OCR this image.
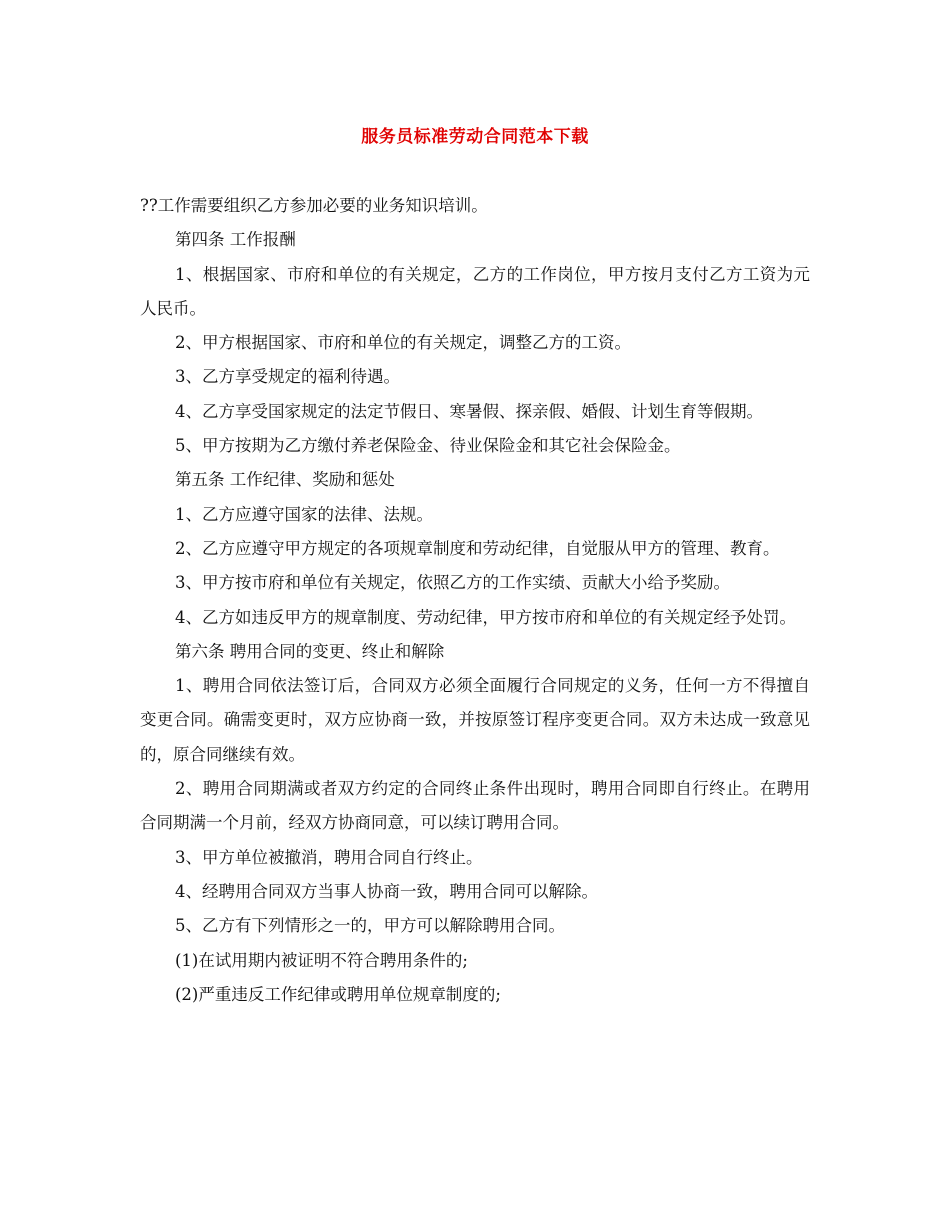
服务员标准劳动合同范本下载

??工作需要组织乙方参加必要的业务知识培训。

第四条 工作报酬

1、根据国家、市府和单位的有关规定，乙方的工作岗位，甲方按月支付乙方工资为元人民币。

2、甲方根据国家、市府和单位的有关规定，调整乙方的工资。

3、乙方享受规定的福利待遇。

4、乙方享受国家规定的法定节假日、寒暑假、探亲假、婚假、计划生育等假期。

5、甲方按期为乙方缴付养老保险金、待业保险金和其它社会保险金。

第五条 工作纪律、奖励和惩处

1、乙方应遵守国家的法律、法规。

2、乙方应遵守甲方规定的各项规章制度和劳动纪律，自觉服从甲方的管理、教育。

3、甲方按市府和单位有关规定，依照乙方的工作实绩、贡献大小给予奖励。

4、乙方如违反甲方的规章制度、劳动纪律，甲方按市府和单位的有关规定经予处罚。

第六条 聘用合同的变更、终止和解除

1、聘用合同依法签订后，合同双方必须全面履行合同规定的义务，任何一方不得擅自变更合同。确需变更时，双方应协商一致，并按原签订程序变更合同。双方未达成一致意见的，原合同继续有效。

2、聘用合同期满或者双方约定的合同终止条件出现时，聘用合同即自行终止。在聘用合同期满一个月前，经双方协商同意，可以续订聘用合同。

3、甲方单位被撤消，聘用合同自行终止。

4、经聘用合同双方当事人协商一致，聘用合同可以解除。

5、乙方有下列情形之一的，甲方可以解除聘用合同。

(1)在试用期内被证明不符合聘用条件的;

(2)严重违反工作纪律或聘用单位规章制度的;
